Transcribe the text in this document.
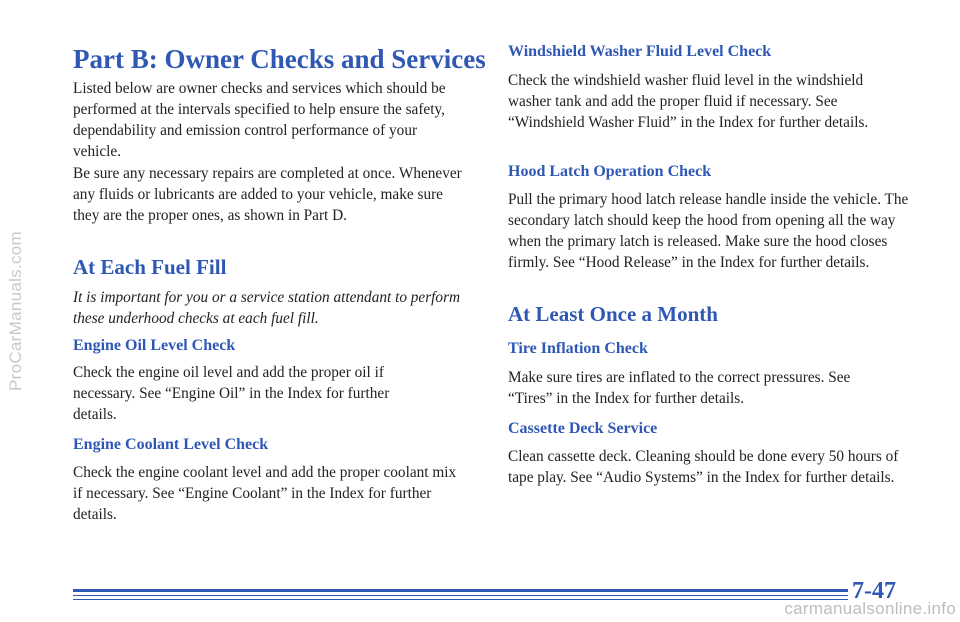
ProCarManuals.com
Part B: Owner Checks and Services

Listed below are owner checks and services which should be performed at the intervals specified to help ensure the safety, dependability and emission control performance of your vehicle.

Be sure any necessary repairs are completed at once. Whenever any fluids or lubricants are added to your vehicle, make sure they are the proper ones, as shown in Part D.

At Each Fuel Fill

It is important for you or a service station attendant to perform these underhood checks at each fuel fill.

Engine Oil Level Check

Check the engine oil level and add the proper oil if necessary. See “Engine Oil” in the Index for further details.

Engine Coolant Level Check

Check the engine coolant level and add the proper coolant mix if necessary. See “Engine Coolant” in the Index for further details.

Windshield Washer Fluid Level Check

Check the windshield washer fluid level in the windshield washer tank and add the proper fluid if necessary. See “Windshield Washer Fluid” in the Index for further details.

Hood Latch Operation Check

Pull the primary hood latch release handle inside the vehicle. The secondary latch should keep the hood from opening all the way when the primary latch is released. Make sure the hood closes firmly. See “Hood Release” in the Index for further details.

At Least Once a Month
Tire Inflation Check

Make sure tires are inflated to the correct pressures. See “Tires” in the Index for further details.

Cassette Deck Service

Clean cassette deck. Cleaning should be done every 50 hours of tape play. See “Audio Systems” in the Index for further details.

7-47
carmanualsonline.info
